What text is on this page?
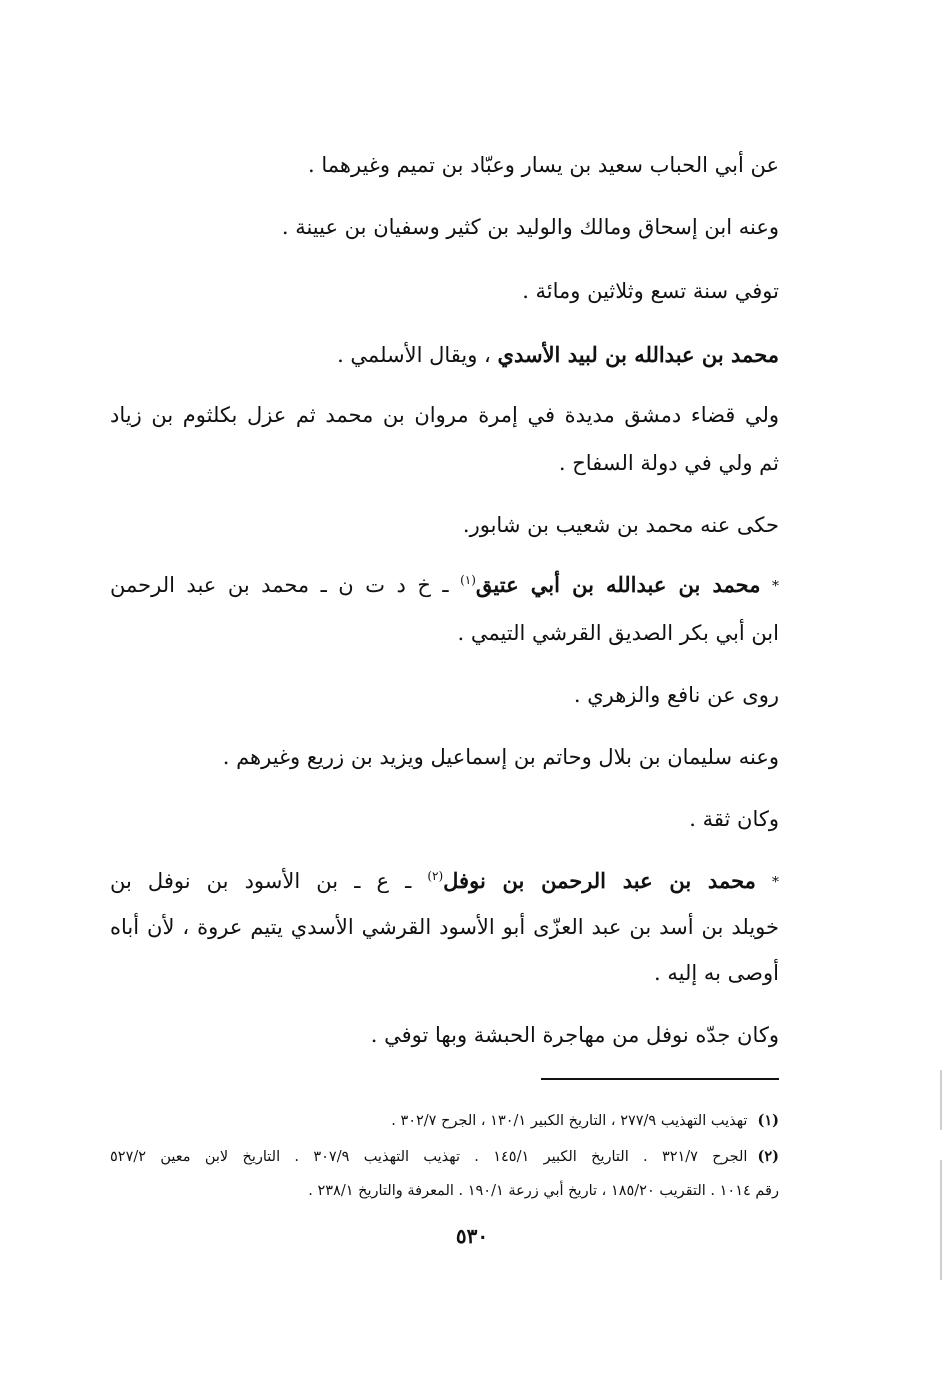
عن أبي الحباب سعيد بن يسار وعبّاد بن تميم وغيرهما .
وعنه ابن إسحاق ومالك والوليد بن كثير وسفيان بن عيينة .
توفي سنة تسع وثلاثين ومائة .
محمد بن عبدالله بن لبيد الأسدي ، ويقال الأسلمي .
ولي قضاء دمشق مديدة في إمرة مروان بن محمد ثم عزل بكلثوم بن زياد
ثم ولي في دولة السفاح .
حكى عنه محمد بن شعيب بن شابور.
* محمد بن عبدالله بن أبي عتيق$^{(١)}$ ـ خ د ت ن ـ محمد بن عبد الرحمن
ابن أبي بكر الصديق القرشي التيمي .
روى عن نافع والزهري .
وعنه سليمان بن بلال وحاتم بن إسماعيل ويزيد بن زريع وغيرهم .
وكان ثقة .
* محمد بن عبد الرحمن بن نوفل$^{(٢)}$ ـ ع ـ بن الأسود بن نوفل بن
خويلد بن أسد بن عبد العزّى أبو الأسود القرشي الأسدي يتيم عروة ، لأن أباه
أوصى به إليه .
وكان جدّه نوفل من مهاجرة الحبشة وبها توفي .
(١)تهذيب التهذيب ٢٧٧/٩ ، التاريخ الكبير ١٣٠/١ ، الجرح ٣٠٢/٧ .
(٢)الجرح ٣٢١/٧ . التاريخ الكبير ١٤٥/١ . تهذيب التهذيب ٣٠٧/٩ . التاريخ لابن معين ٥٢٧/٢
رقم ١٠١٤ . التقريب ١٨٥/٢٠ ، تاريخ أبي زرعة ١٩٠/١ . المعرفة والتاريخ ٢٣٨/١ .
٥٣٠
